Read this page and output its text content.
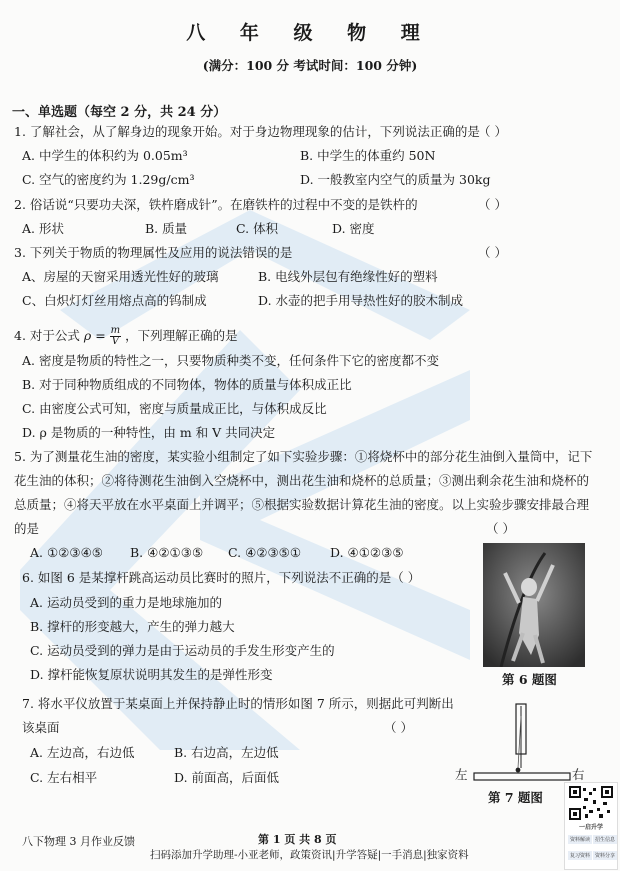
八 年 级 物 理
(满分：100 分 考试时间：100 分钟)
一、单选题（每空 2 分，共 24 分）
1. 了解社会，从了解身边的现象开始。对于身边物理现象的估计，下列说法正确的是
（ ）
A. 中学生的体积约为 0.05m³	B. 中学生的体重约 50N
C. 空气的密度约为 1.29g/cm³	D. 一般教室内空气的质量为 30kg
2. 俗话说“只要功夫深，铁杵磨成针”。在磨铁杵的过程中不变的是铁杵的	（ ）
A. 形状	B. 质量	C. 体积	D. 密度
3. 下列关于物质的物理属性及应用的说法错误的是	（ ）
A、房屋的天窗采用透光性好的玻璃	B. 电线外层包有绝缘性好的塑料
C、白炽灯灯丝用熔点高的钨制成	D. 水壶的把手用导热性好的胶木制成
4. 对于公式 $\rho = \frac{m}{V}$ ，下列理解正确的是
A. 密度是物质的特性之一，只要物质种类不变，任何条件下它的密度都不变
B. 对于同种物质组成的不同物体，物体的质量与体积成正比
C. 由密度公式可知，密度与质量成正比，与体积成反比
D. ρ 是物质的一种特性，由 m 和 V 共同决定
5. 为了测量花生油的密度，某实验小组制定了如下实验步骤：①将烧杯中的部分花生油倒入量筒中，记下
花生油的体积；②将待测花生油倒入空烧杯中，测出花生油和烧杯的总质量；③测出剩余花生油和烧杯的
总质量；④将天平放在水平桌面上并调平；⑤根据实验数据计算花生油的密度。以上实验步骤安排最合理
的是	（ ）
A. ①②③④⑤ B. ④②①③⑤ C. ④②③⑤① D. ④①②③⑤
6. 如图 6 是某撑杆跳高运动员比赛时的照片，下列说法不正确的是（ ）
A. 运动员受到的重力是地球施加的
B. 撑杆的形变越大，产生的弹力越大
C. 运动员受到的弹力是由于运动员的手发生形变产生的
D. 撑杆能恢复原状说明其发生的是弹性形变	第 6 题图
7. 将水平仪放置于某桌面上并保持静止时的情形如图 7 所示，则据此可判断出
该桌面	（ ）
A. 左边高，右边低	B. 右边高，左边低
C. 左右相平	D. 前面高，后面低	左	右
第 7 题图
一启升学
资料解读 招生信息
复习资料 资料分享
八下物理 3 月作业反馈	第 1 页 共 8 页
扫码添加升学助理-小亚老师，政策资讯|升学答疑|一手消息|独家资料
